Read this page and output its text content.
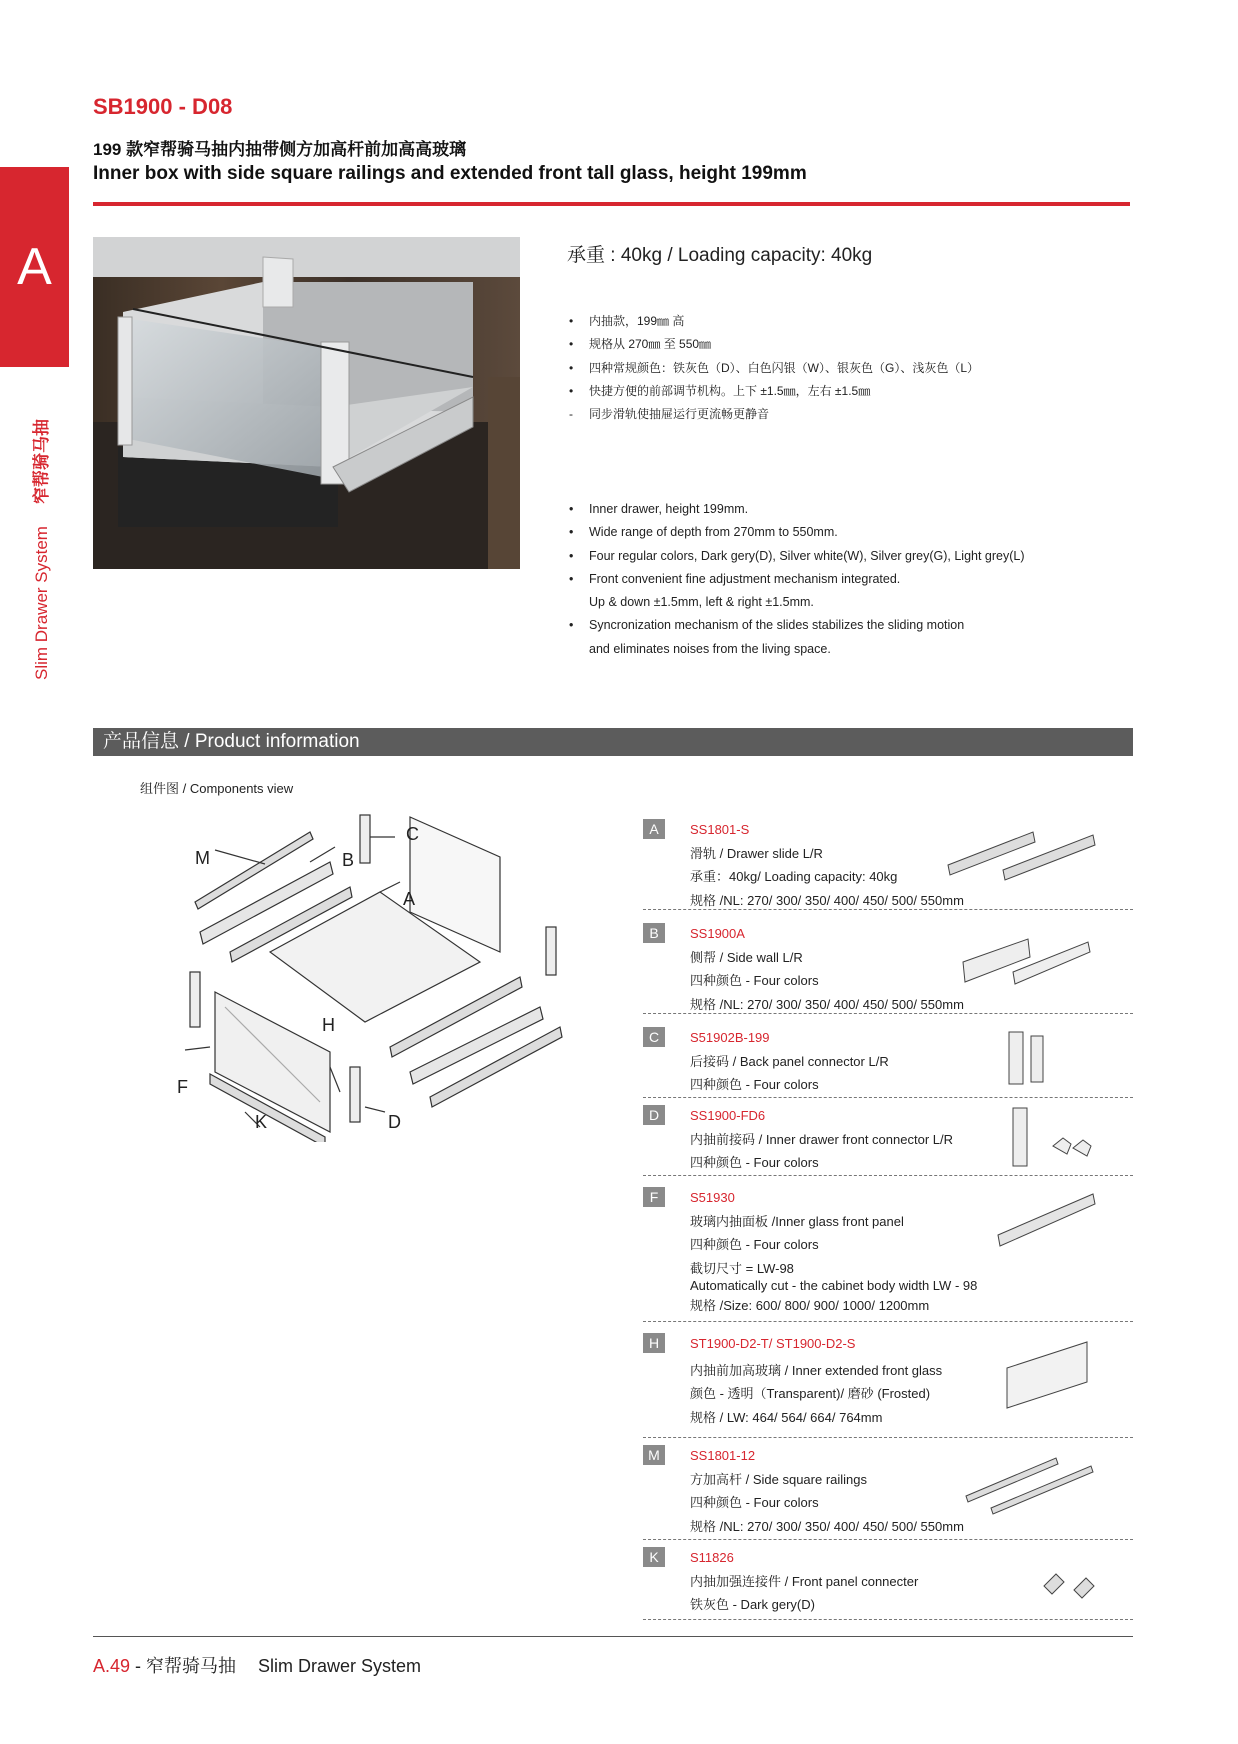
A
Slim Drawer System窄帮骑马抽
SB1900 - D08
199 款窄帮骑马抽内抽带侧方加高杆前加高高玻璃
Inner box with side square railings and extended front tall glass, height 199mm
承重 : 40kg / Loading capacity: 40kg
• 内抽款，199㎜ 高
• 规格从 270㎜ 至 550㎜
• 四种常规颜色：铁灰色（D）、白色闪银（W）、银灰色（G）、浅灰色（L）
• 快捷方便的前部调节机构。上下 ±1.5㎜，左右 ±1.5㎜
- 同步滑轨使抽屉运行更流畅更静音
• Inner drawer, height 199mm.
• Wide range of depth from 270mm to 550mm.
• Four regular colors, Dark gery(D), Silver white(W), Silver grey(G), Light grey(L)
• Front convenient fine adjustment mechanism integrated.
Up & down ±1.5mm, left & right ±1.5mm.
• Syncronization mechanism of the slides stabilizes the sliding motion
and eliminates noises from the living space.
产品信息 / Product information
组件图 / Components view
M	B
C
A
H
F
K	D
A	SS1801-S
滑轨 / Drawer slide L/R
承重：40kg/ Loading capacity: 40kg
规格 /NL: 270/ 300/ 350/ 400/ 450/ 500/ 550mm
B	SS1900A
侧帮 / Side wall L/R
四种颜色 - Four colors
规格 /NL: 270/ 300/ 350/ 400/ 450/ 500/ 550mm
C	S51902B-199
后接码 / Back panel connector L/R
四种颜色 - Four colors
D	SS1900-FD6
内抽前接码 / Inner drawer front connector L/R
四种颜色 - Four colors
F	S51930
玻璃内抽面板 /Inner glass front panel
四种颜色 - Four colors
截切尺寸 = LW-98
Automatically cut - the cabinet body width LW - 98
规格 /Size: 600/ 800/ 900/ 1000/ 1200mm
H	ST1900-D2-T/ ST1900-D2-S
内抽前加高玻璃 / Inner extended front glass
颜色 - 透明（Transparent)/ 磨砂 (Frosted)
规格 / LW: 464/ 564/ 664/ 764mm
M	SS1801-12
方加高杆 / Side square railings
四种颜色 - Four colors
规格 /NL: 270/ 300/ 350/ 400/ 450/ 500/ 550mm
K	S11826
内抽加强连接件 / Front panel connecter
铁灰色 - Dark gery(D)
A.49 - 窄帮骑马抽 Slim Drawer System
